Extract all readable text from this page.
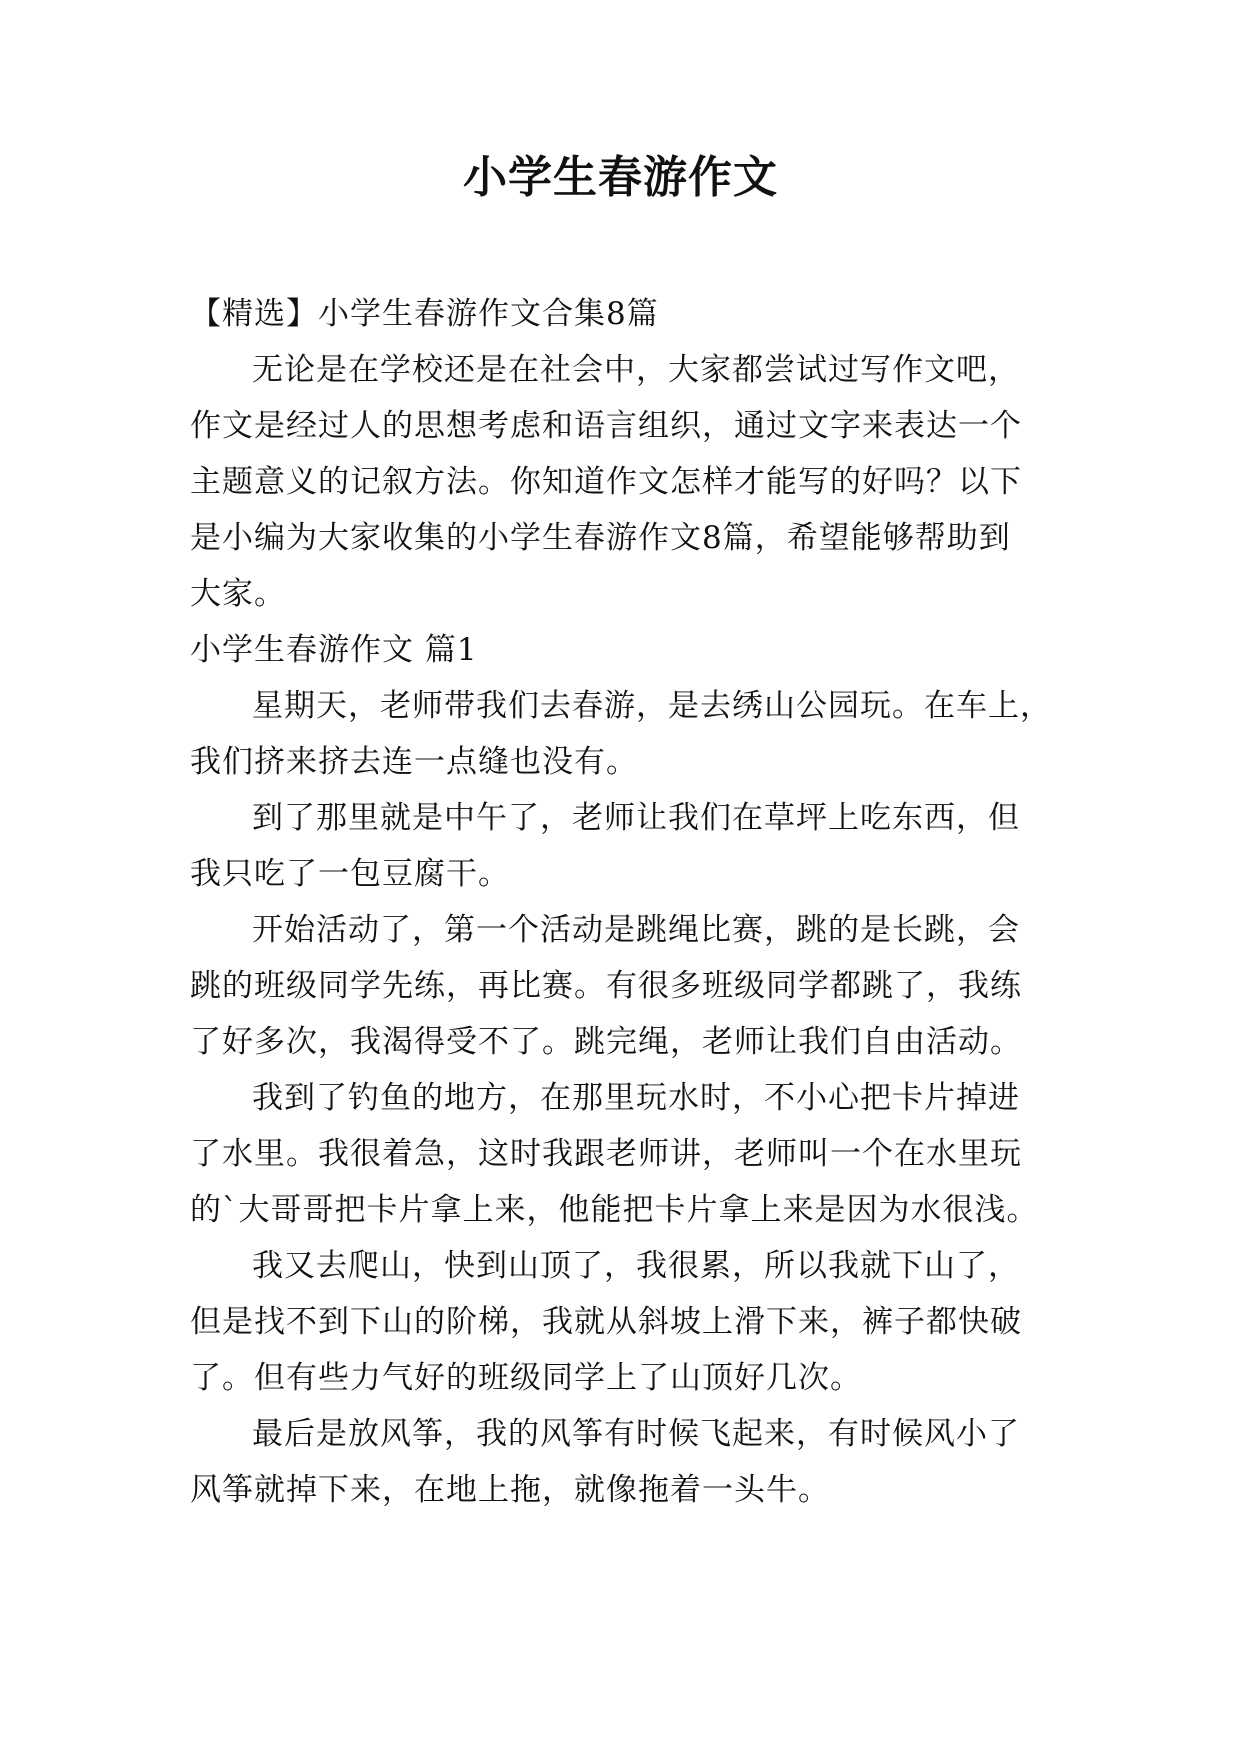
小学生春游作文

【精选】小学生春游作文合集8篇

无论是在学校还是在社会中，大家都尝试过写作文吧，
作文是经过人的思想考虑和语言组织，通过文字来表达一个
主题意义的记叙方法。你知道作文怎样才能写的好吗？以下
是小编为大家收集的小学生春游作文8篇，希望能够帮助到
大家。

小学生春游作文 篇1

星期天，老师带我们去春游，是去绣山公园玩。在车上，
我们挤来挤去连一点缝也没有。

到了那里就是中午了，老师让我们在草坪上吃东西，但
我只吃了一包豆腐干。

开始活动了，第一个活动是跳绳比赛，跳的是长跳，会
跳的班级同学先练，再比赛。有很多班级同学都跳了，我练
了好多次，我渴得受不了。跳完绳，老师让我们自由活动。

我到了钓鱼的地方，在那里玩水时，不小心把卡片掉进
了水里。我很着急，这时我跟老师讲，老师叫一个在水里玩
的`大哥哥把卡片拿上来，他能把卡片拿上来是因为水很浅。

我又去爬山，快到山顶了，我很累，所以我就下山了，
但是找不到下山的阶梯，我就从斜坡上滑下来，裤子都快破
了。但有些力气好的班级同学上了山顶好几次。

最后是放风筝，我的风筝有时候飞起来，有时候风小了
风筝就掉下来，在地上拖，就像拖着一头牛。
